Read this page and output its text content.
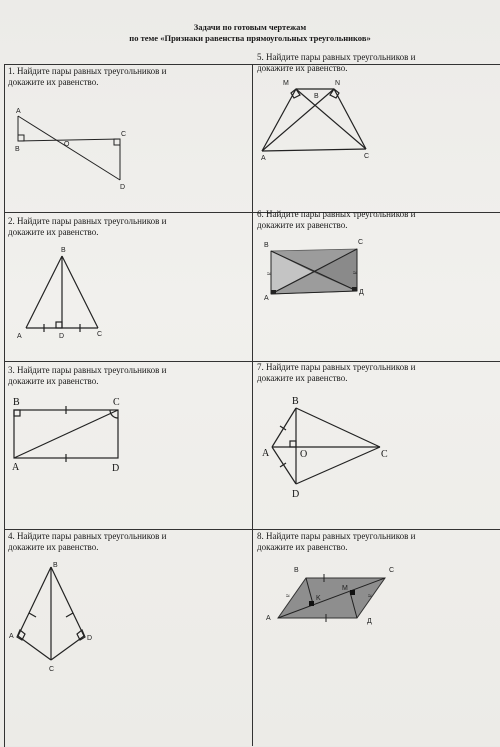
Задачи по готовым чертежам
по теме «Признаки равенства прямоугольных треугольников»
1. Найдите пары равных треугольников и
докажите их равенство.
A
B
O
C
D
2. Найдите пары равных треугольников и
докажите их равенство.
B
A	D	C
3. Найдите пары равных треугольников и
докажите их равенство.
B	C
A	D
4. Найдите пары равных треугольников и
докажите их равенство.
B
A	D
C
5. Найдите пары равных треугольников и
докажите их равенство.
M	N
B
A	C
6. Найдите пары равных треугольников и
докажите их равенство.
B	C
A
Д
≈	≈
7. Найдите пары равных треугольников и
докажите их равенство.
B
A	O	C
D
8. Найдите пары равных треугольников и
докажите их равенство.
B	C
M
K
A	Д
≈	≈
